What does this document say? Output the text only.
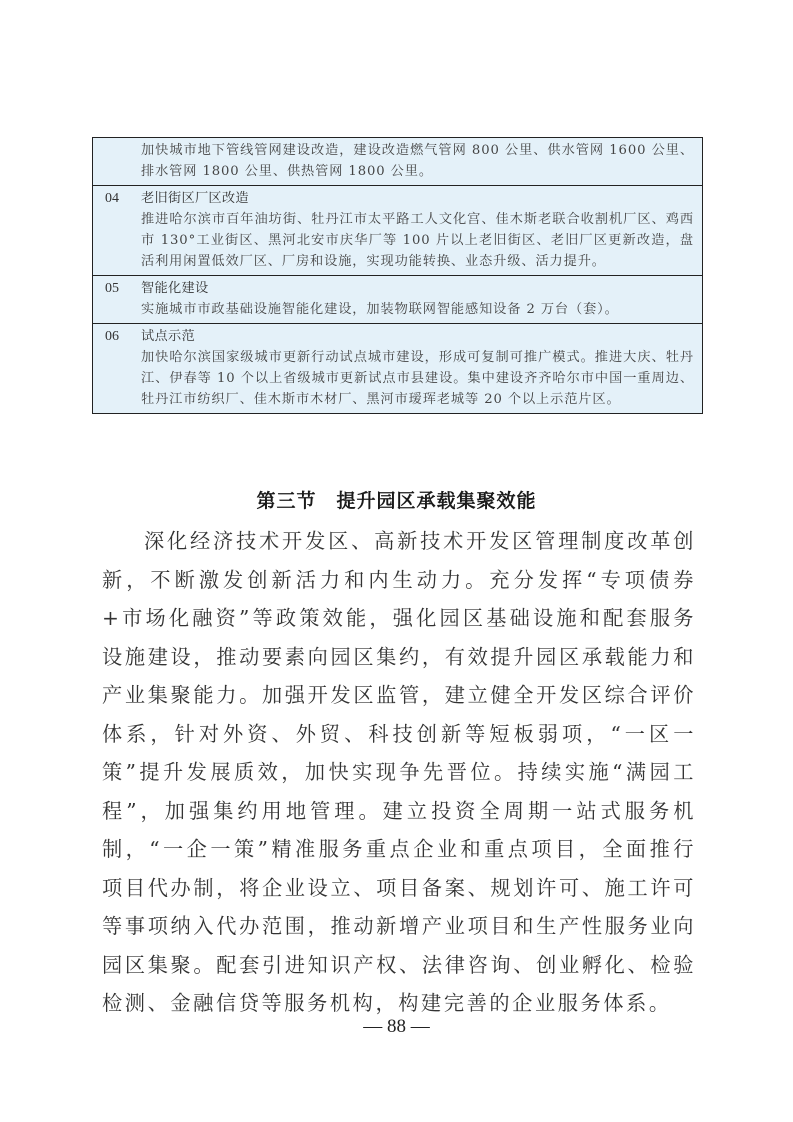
加快城市地下管线管网建设改造，建设改造燃气管网 800 公里、供水管网 1600 公里、排水管网 1800 公里、供热管网 1800 公里。
04 老旧街区厂区改造
推进哈尔滨市百年油坊街、牡丹江市太平路工人文化宫、佳木斯老联合收割机厂区、鸡西市 130°工业街区、黑河北安市庆华厂等 100 片以上老旧街区、老旧厂区更新改造，盘活利用闲置低效厂区、厂房和设施，实现功能转换、业态升级、活力提升。
05 智能化建设
实施城市市政基础设施智能化建设，加装物联网智能感知设备 2 万台（套）。
06 试点示范
加快哈尔滨国家级城市更新行动试点城市建设，形成可复制可推广模式。推进大庆、牡丹江、伊春等 10 个以上省级城市更新试点市县建设。集中建设齐齐哈尔市中国一重周边、牡丹江市纺织厂、佳木斯市木材厂、黑河市瑷珲老城等 20 个以上示范片区。
第三节　提升园区承载集聚效能
深化经济技术开发区、高新技术开发区管理制度改革创新，不断激发创新活力和内生动力。充分发挥“专项债券+市场化融资”等政策效能，强化园区基础设施和配套服务设施建设，推动要素向园区集约，有效提升园区承载能力和产业集聚能力。加强开发区监管，建立健全开发区综合评价体系，针对外资、外贸、科技创新等短板弱项，“一区一策”提升发展质效，加快实现争先晋位。持续实施“满园工程”，加强集约用地管理。建立投资全周期一站式服务机制，“一企一策”精准服务重点企业和重点项目，全面推行项目代办制，将企业设立、项目备案、规划许可、施工许可等事项纳入代办范围，推动新增产业项目和生产性服务业向园区集聚。配套引进知识产权、法律咨询、创业孵化、检验检测、金融信贷等服务机构，构建完善的企业服务体系。
— 88 —
